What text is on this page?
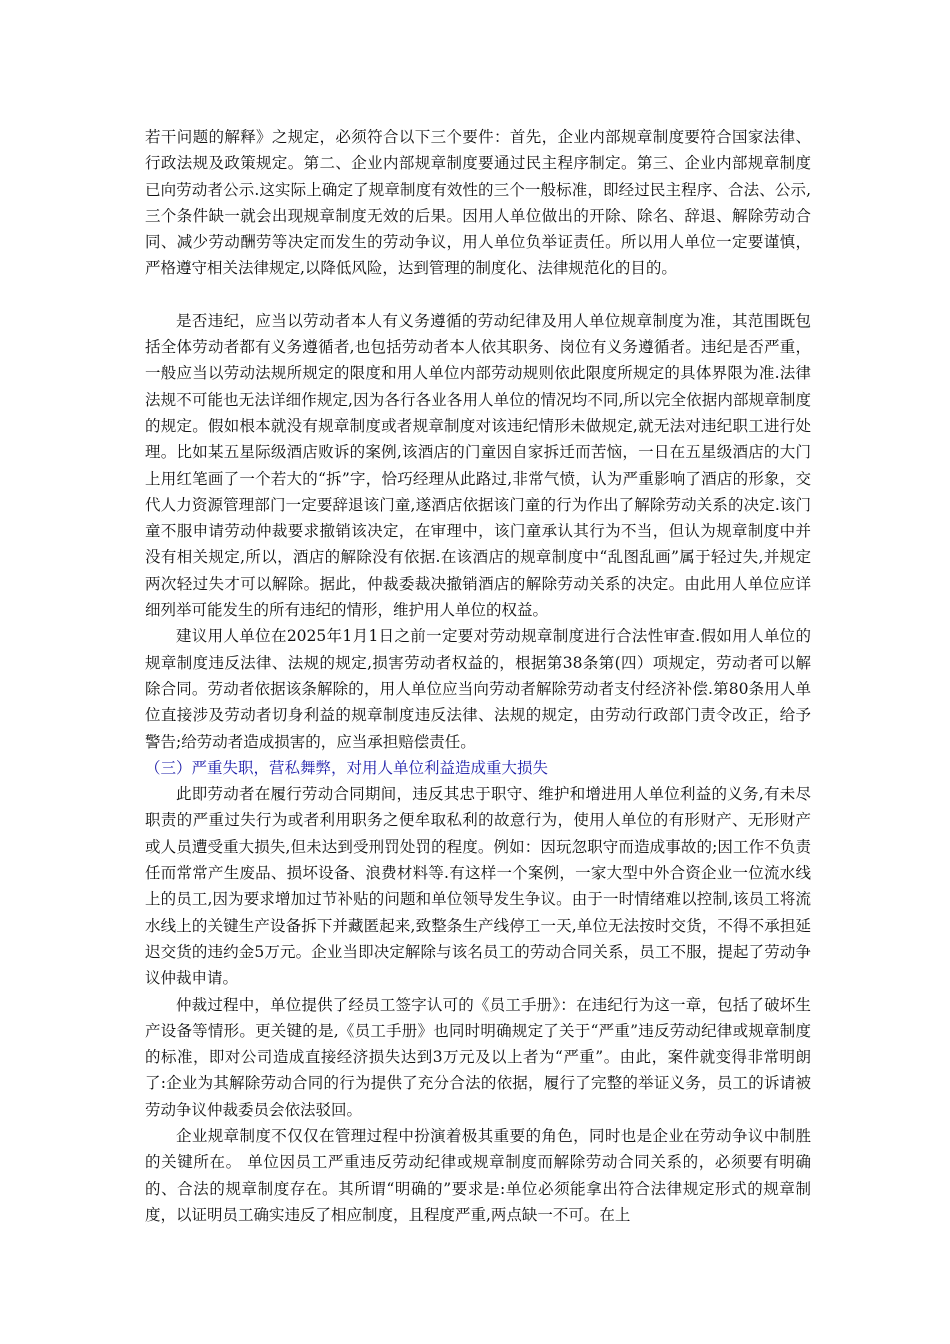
若干问题的解释》之规定，必须符合以下三个要件：首先，企业内部规章制度要符合国家法律、行政法规及政策规定。第二、企业内部规章制度要通过民主程序制定。第三、企业内部规章制度已向劳动者公示.这实际上确定了规章制度有效性的三个一般标准，即经过民主程序、合法、公示,三个条件缺一就会出现规章制度无效的后果。因用人单位做出的开除、除名、辞退、解除劳动合同、减少劳动酬劳等决定而发生的劳动争议，用人单位负举证责任。所以用人单位一定要谨慎，严格遵守相关法律规定,以降低风险，达到管理的制度化、法律规范化的目的。

是否违纪，应当以劳动者本人有义务遵循的劳动纪律及用人单位规章制度为准，其范围既包括全体劳动者都有义务遵循者,也包括劳动者本人依其职务、岗位有义务遵循者。违纪是否严重，一般应当以劳动法规所规定的限度和用人单位内部劳动规则依此限度所规定的具体界限为准.法律法规不可能也无法详细作规定,因为各行各业各用人单位的情况均不同,所以完全依据内部规章制度的规定。假如根本就没有规章制度或者规章制度对该违纪情形未做规定,就无法对违纪职工进行处理。比如某五星际级酒店败诉的案例,该酒店的门童因自家拆迁而苦恼，一日在五星级酒店的大门上用红笔画了一个若大的“拆”字，恰巧经理从此路过,非常气愤，认为严重影响了酒店的形象，交代人力资源管理部门一定要辞退该门童,遂酒店依据该门童的行为作出了解除劳动关系的决定.该门童不服申请劳动仲裁要求撤销该决定，在审理中，该门童承认其行为不当，但认为规章制度中并没有相关规定,所以，酒店的解除没有依据.在该酒店的规章制度中“乱图乱画”属于轻过失,并规定两次轻过失才可以解除。据此，仲裁委裁决撤销酒店的解除劳动关系的决定。由此用人单位应详细列举可能发生的所有违纪的情形，维护用人单位的权益。

建议用人单位在2025年1月1日之前一定要对劳动规章制度进行合法性审查.假如用人单位的规章制度违反法律、法规的规定,损害劳动者权益的，根据第38条第(四）项规定，劳动者可以解除合同。劳动者依据该条解除的，用人单位应当向劳动者解除劳动者支付经济补偿.第80条用人单位直接涉及劳动者切身利益的规章制度违反法律、法规的规定，由劳动行政部门责令改正，给予警告;给劳动者造成损害的，应当承担赔偿责任。

（三）严重失职，营私舞弊，对用人单位利益造成重大损失

此即劳动者在履行劳动合同期间，违反其忠于职守、维护和增进用人单位利益的义务,有未尽职责的严重过失行为或者利用职务之便牟取私利的故意行为，使用人单位的有形财产、无形财产或人员遭受重大损失,但未达到受刑罚处罚的程度。例如：因玩忽职守而造成事故的;因工作不负责任而常常产生废品、损坏设备、浪费材料等.有这样一个案例，一家大型中外合资企业一位流水线上的员工,因为要求增加过节补贴的问题和单位领导发生争议。由于一时情绪难以控制,该员工将流水线上的关键生产设备拆下并藏匿起来,致整条生产线停工一天,单位无法按时交货，不得不承担延迟交货的违约金5万元。企业当即决定解除与该名员工的劳动合同关系，员工不服，提起了劳动争议仲裁申请。

仲裁过程中，单位提供了经员工签字认可的《员工手册》：在违纪行为这一章，包括了破坏生产设备等情形。更关键的是,《员工手册》也同时明确规定了关于“严重”违反劳动纪律或规章制度的标准，即对公司造成直接经济损失达到3万元及以上者为“严重”。由此，案件就变得非常明朗了:企业为其解除劳动合同的行为提供了充分合法的依据，履行了完整的举证义务，员工的诉请被劳动争议仲裁委员会依法驳回。

企业规章制度不仅仅在管理过程中扮演着极其重要的角色，同时也是企业在劳动争议中制胜的关键所在。 单位因员工严重违反劳动纪律或规章制度而解除劳动合同关系的，必须要有明确的、合法的规章制度存在。其所谓“明确的”要求是:单位必须能拿出符合法律规定形式的规章制度，以证明员工确实违反了相应制度，且程度严重,两点缺一不可。在上
